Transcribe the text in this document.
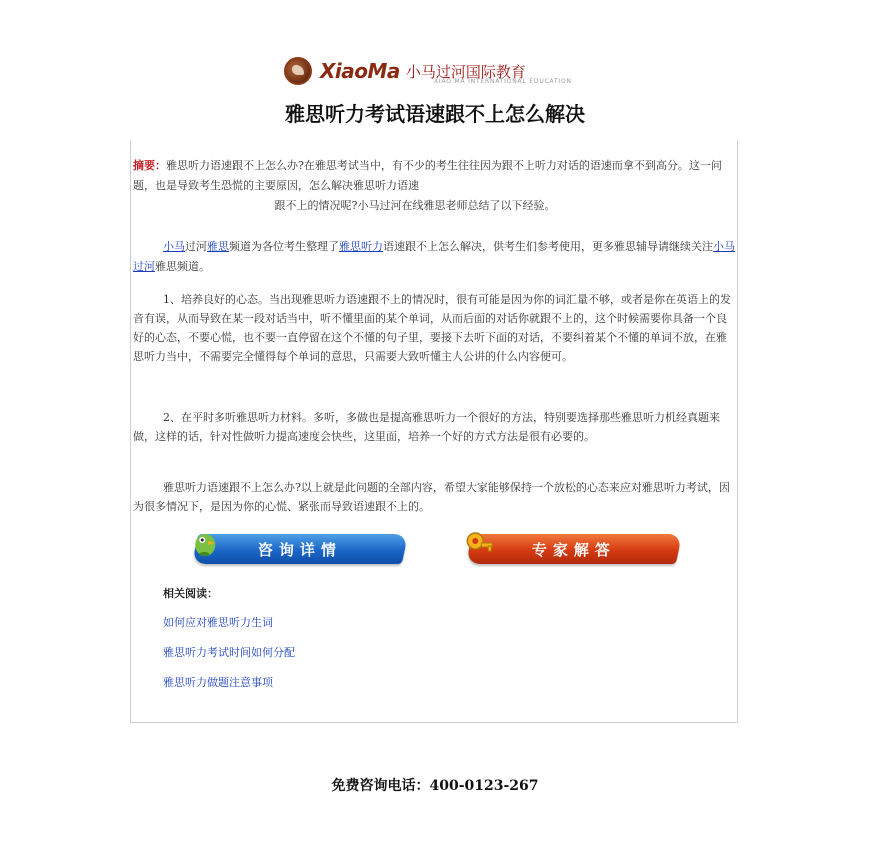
XiaoMa 小马过河国际教育
XIAO MA INTERNATIONAL EDUCATION
雅思听力考试语速跟不上怎么解决
摘要：雅思听力语速跟不上怎么办?在雅思考试当中，有不少的考生往往因为跟不上听力对话的语速而拿不到高分。这一问题，也是导致考生恐慌的主要原因，怎么解决雅思听力语速
跟不上的情况呢?小马过河在线雅思老师总结了以下经验。
小马过河雅思频道为各位考生整理了雅思听力语速跟不上怎么解决，供考生们参考使用，更多雅思辅导请继续关注小马过河雅思频道。
1、培养良好的心态。当出现雅思听力语速跟不上的情况时，很有可能是因为你的词汇量不够，或者是你在英语上的发音有误，从而导致在某一段对话当中，听不懂里面的某个单词，从而后面的对话你就跟不上的，这个时候需要你具备一个良好的心态，不要心慌，也不要一直停留在这个不懂的句子里，要接下去听下面的对话，不要纠着某个不懂的单词不放，在雅思听力当中，不需要完全懂得每个单词的意思，只需要大致听懂主人公讲的什么内容便可。
2、在平时多听雅思听力材料。多听，多做也是提高雅思听力一个很好的方法，特别要选择那些雅思听力机经真题来做，这样的话，针对性做听力提高速度会快些，这里面，培养一个好的方式方法是很有必要的。
雅思听力语速跟不上怎么办?以上就是此问题的全部内容，希望大家能够保持一个放松的心态来应对雅思听力考试，因为很多情况下，是因为你的心慌、紧张而导致语速跟不上的。
咨询详情	专家解答
相关阅读：
如何应对雅思听力生词
雅思听力考试时间如何分配
雅思听力做题注意事项
免费咨询电话：400-0123-267
